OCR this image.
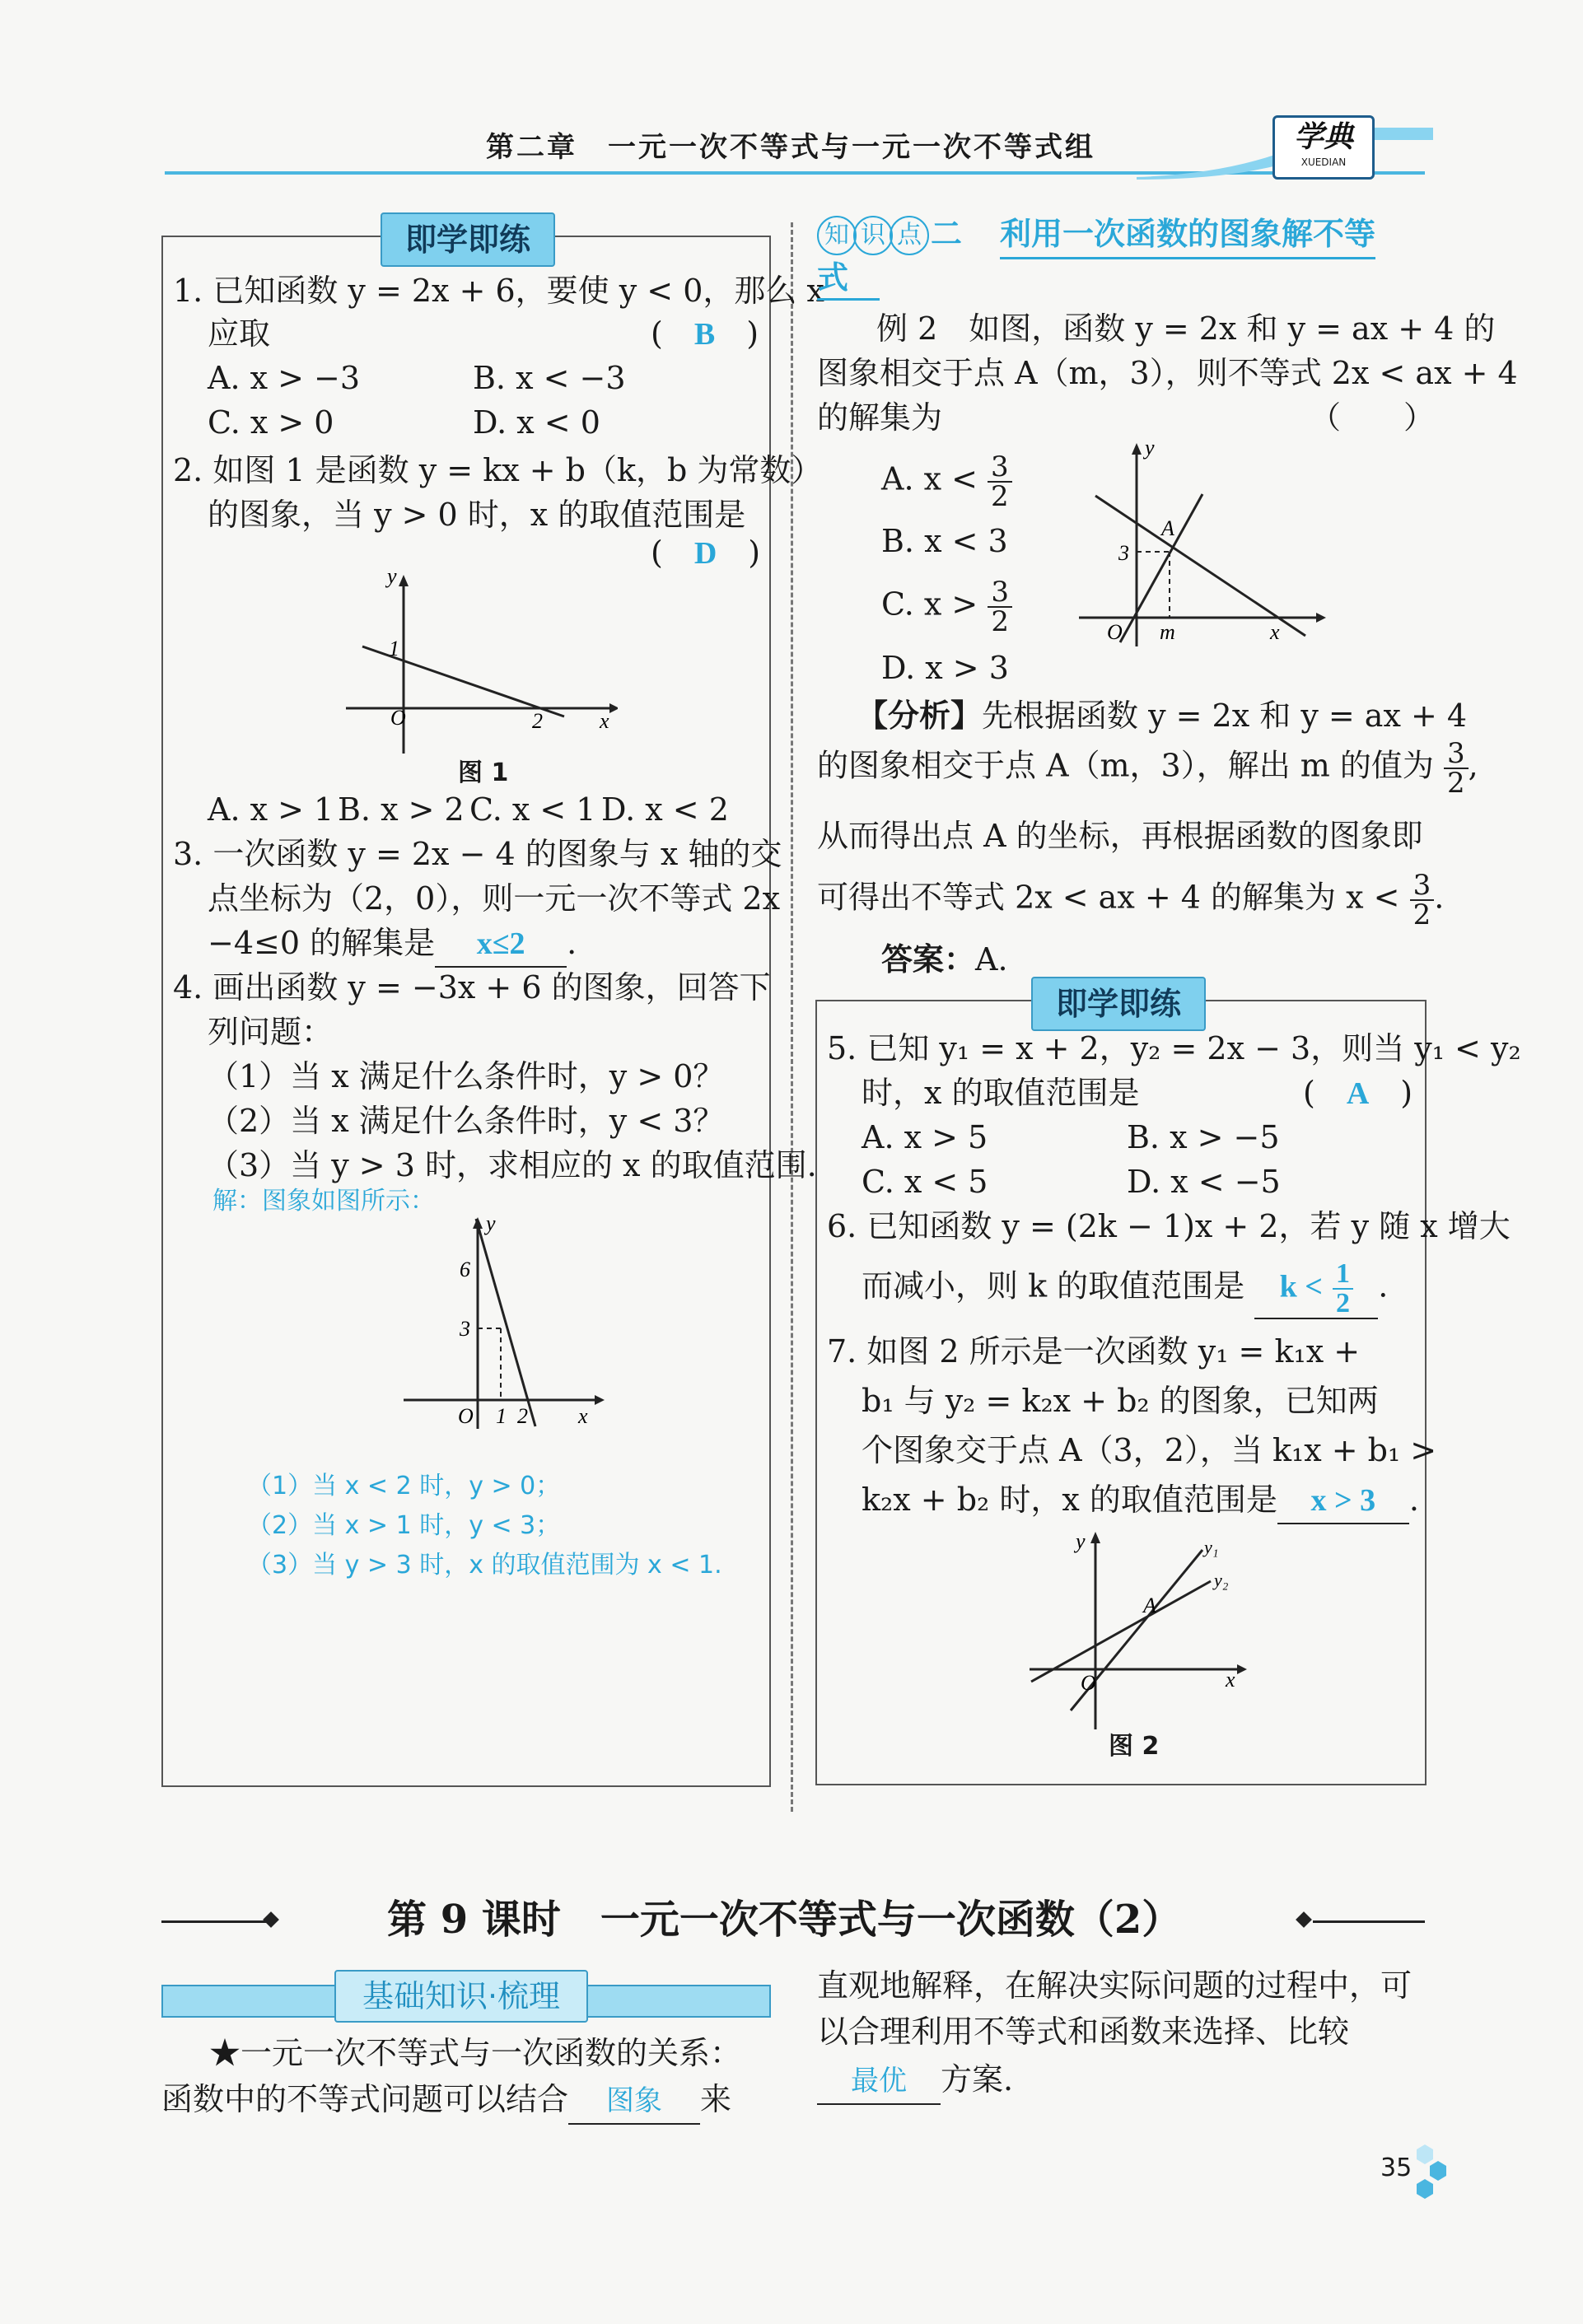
第二章　一元一次不等式与一元一次不等式组	学典
XUEDIAN
即学即练
1. 已知函数 y = 2x + 6，要使 y < 0，那么 x
应取	(　B　)
A. x > −3	B. x < −3
C. x > 0	D. x < 0
2. 如图 1 是函数 y = kx + b（k，b 为常数）
的图象，当 y > 0 时，x 的取值范围是
(　D　)
O
1
2	x
y
图 1
A. x > 1 B. x > 2 C. x < 1 D. x < 2
3. 一次函数 y = 2x − 4 的图象与 x 轴的交
点坐标为（2，0），则一元一次不等式 2x
−4≤0 的解集是 x≤2 .
4. 画出函数 y = −3x + 6 的图象，回答下
列问题：
（1）当 x 满足什么条件时，y > 0？
（2）当 x 满足什么条件时，y < 3？
（3）当 y > 3 时，求相应的 x 的取值范围.
解：图象如图所示：
6
3
O 1 2 x
y
（1）当 x < 2 时，y > 0；
（2）当 x > 1 时，y < 3；
（3）当 y > 3 时，x 的取值范围为 x < 1.
知 识 点 二 利用一次函数的图象解不等
式
例 2　如图，函数 y = 2x 和 y = ax + 4 的
图象相交于点 A（m，3），则不等式 2x < ax + 4
的解集为	（　　）
A. $x < \frac{3}{2}$
B. x < 3
C. $x > \frac{3}{2}$
D. x > 3
3
A
O m	x
y
【分析】先根据函数 y = 2x 和 y = ax + 4
的图象相交于点 A（m，3），解出 m 的值为 $\frac{3}{2}$ ,
从而得出点 A 的坐标，再根据函数的图象即
可得出不等式 2x < ax + 4 的解集为 $x < \frac{3}{2}$ .
答案：A.
即学即练
5. 已知 y₁ = x + 2，y₂ = 2x − 3，则当 y₁ < y₂
时，x 的取值范围是	(　A　)
A. x > 5	B. x > −5
C. x < 5	D. x < −5
6. 已知函数 y = (2k − 1)x + 2，若 y 随 x 增大
而减小，则 k 的取值范围是 $k < \frac{1}{2}$ .
7. 如图 2 所示是一次函数 y₁ = k₁x +
b₁ 与 y₂ = k₂x + b₂ 的图象，已知两
个图象交于点 A（3，2），当 k₁x + b₁ >
k₂x + b₂ 时，x 的取值范围是 x > 3 .
O
A
x
y	y₁
y₂
图 2
第 9 课时　一元一次不等式与一次函数（2）
基础知识·梳理
★一元一次不等式与一次函数的关系：
函数中的不等式问题可以结合 图象 来
直观地解释，在解决实际问题的过程中，可
以合理利用不等式和函数来选择、比较
最优 方案.
35
